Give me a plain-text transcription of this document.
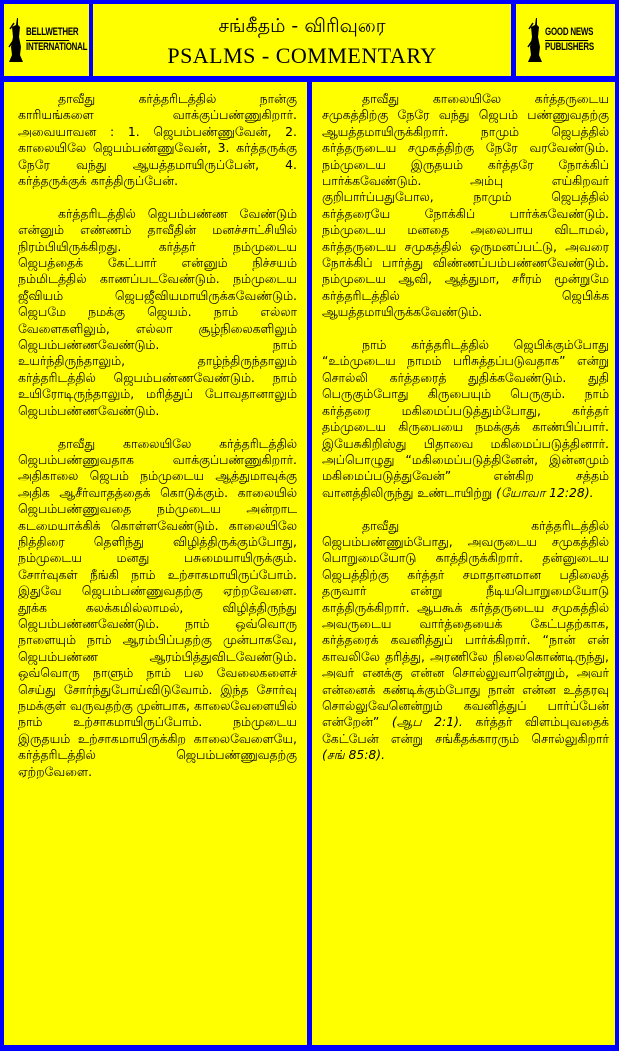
BELLWETHER
INTERNATIONAL
சங்கீதம் - விரிவுரை
PSALMS - COMMENTARY
GOOD NEWS
PUBLISHERS

தாவீது கர்த்தரிடத்தில் நான்கு காரியங்களை வாக்குப்பண்ணுகிறார். அவையாவன : 1. ஜெபம்பண்ணுவேன், 2. காலையிலே ஜெபம்பண்ணுவேன், 3. கர்த்தருக்கு நேரே வந்து ஆயத்தமாயிருப்பேன், 4. கர்த்தருக்குக் காத்திருப்பேன்.

கர்த்தரிடத்தில் ஜெபம்பண்ண வேண்டும் என்னும் எண்ணம் தாவீதின் மனச்சாட்சியில் நிரம்பியிருக்கிறது. கர்த்தர் நம்முடைய ஜெபத்தைக் கேட்பார் என்னும் நிச்சயம் நம்மிடத்தில் காணப்படவேண்டும். நம்முடைய ஜீவியம் ஜெபஜீவியமாயிருக்கவேண்டும். ஜெபமே நமக்கு ஜெயம். நாம் எல்லா வேளைகளிலும், எல்லா சூழ்நிலைகளிலும் ஜெபம்பண்ணவேண்டும். நாம் உயர்ந்திருந்தாலும், தாழ்ந்திருந்தாலும் கர்த்தரிடத்தில் ஜெபம்பண்ணவேண்டும். நாம் உயிரோடிருந்தாலும், மரித்துப் போவதானாலும் ஜெபம்பண்ணவேண்டும்.

தாவீது காலையிலே கர்த்தரிடத்தில் ஜெபம்பண்ணுவதாக வாக்குப்பண்ணுகிறார். அதிகாலை ஜெபம் நம்முடைய ஆத்துமாவுக்கு அதிக ஆசீர்வாதத்தைக் கொடுக்கும். காலையில் ஜெபம்பண்ணுவதை நம்முடைய அன்றாட கடமையாக்கிக் கொள்ளவேண்டும். காலையிலே நித்திரை தெளிந்து விழித்திருக்கும்போது, நம்முடைய மனது பசுமையாயிருக்கும். சோர்வுகள் நீங்கி நாம் உற்சாகமாயிருப்போம். இதுவே ஜெபம்பண்ணுவதற்கு ஏற்றவேளை. தூக்க கலக்கமில்லாமல், விழித்திருந்து ஜெபம்பண்ணவேண்டும். நாம் ஒவ்வொரு நாளையும் நாம் ஆரம்பிப்பதற்கு முன்பாகவே, ஜெபம்பண்ண ஆரம்பித்துவிடவேண்டும். ஒவ்வொரு நாளும் நாம் பல வேலைகளைச் செய்து சோர்ந்துபோய்விடுவோம். இந்த சோர்வு நமக்குள் வருவதற்கு முன்பாக, காலைவேளையில் நாம் உற்சாகமாயிருப்போம். நம்முடைய இருதயம் உற்சாகமாயிருக்கிற காலைவேளையே, கர்த்தரிடத்தில் ஜெபம்பண்ணுவதற்கு ஏற்றவேளை.

தாவீது காலையிலே கர்த்தருடைய சமுகத்திற்கு நேரே வந்து ஜெபம் பண்ணுவதற்கு ஆயத்தமாயிருக்கிறார். நாமும் ஜெபத்தில் கர்த்தருடைய சமுகத்திற்கு நேரே வரவேண்டும். நம்முடைய இருதயம் கர்த்தரே நோக்கிப் பார்க்கவேண்டும். அம்பு எய்கிறவர் குறிபார்ப்பதுபோல, நாமும் ஜெபத்தில் கர்த்தரையே நோக்கிப் பார்க்கவேண்டும். நம்முடைய மனதை அலைபாய விடாமல், கர்த்தருடைய சமுகத்தில் ஒருமனப்பட்டு, அவரை நோக்கிப் பார்த்து விண்ணப்பம்பண்ணவேண்டும். நம்முடைய ஆவி, ஆத்துமா, சரீரம் மூன்றுமே கர்த்தரிடத்தில் ஜெபிக்க ஆயத்தமாயிருக்கவேண்டும்.

நாம் கர்த்தரிடத்தில் ஜெபிக்கும்போது “உம்முடைய நாமம் பரிசுத்தப்படுவதாக” என்று சொல்லி கர்த்தரைத் துதிக்கவேண்டும். துதி பெருகும்போது கிருபையும் பெருகும். நாம் கர்த்தரை மகிமைப்படுத்தும்போது, கர்த்தர் தம்முடைய கிருபையை நமக்குக் காண்பிப்பார். இயேசுகிறிஸ்து பிதாவை மகிமைப்படுத்தினார். அப்பொழுது “மகிமைப்படுத்தினேன், இன்னமும் மகிமைப்படுத்துவேன்” என்கிற சத்தம் வானத்திலிருந்து உண்டாயிற்று (யோவா 12:28).

தாவீது கர்த்தரிடத்தில் ஜெபம்பண்ணும்போது, அவருடைய சமுகத்தில் பொறுமையோடு காத்திருக்கிறார். தன்னுடைய ஜெபத்திற்கு கர்த்தர் சமாதானமான பதிலைத் தருவார் என்று நீடியபொறுமையோடு காத்திருக்கிறார். ஆபகூக் கர்த்தருடைய சமுகத்தில் அவருடைய வார்த்தையைக் கேட்பதற்காக, கர்த்தரைக் கவனித்துப் பார்க்கிறார். “நான் என் காவலிலே தரித்து, அரணிலே நிலைகொண்டிருந்து, அவர் எனக்கு என்ன சொல்லுவாரென்றும், அவர் என்னைக் கண்டிக்கும்போது நான் என்ன உத்தரவு சொல்லுவேனென்றும் கவனித்துப் பார்ப்பேன் என்றேன்” (ஆப 2:1). கர்த்தர் விளம்புவதைக் கேட்பேன் என்று சங்கீதக்காரரும் சொல்லுகிறார் (சங் 85:8).
